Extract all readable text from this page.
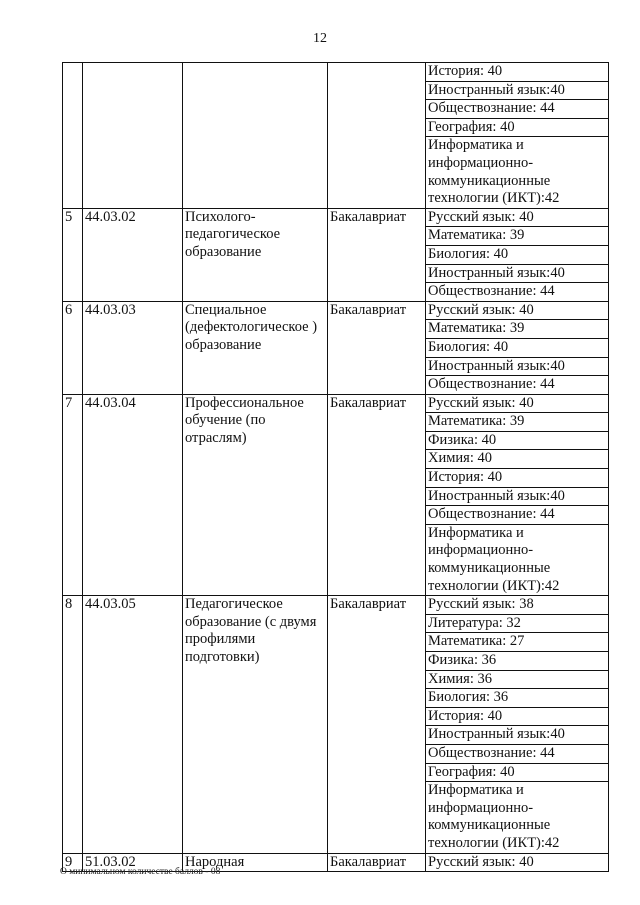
12
				История: 40
				Иностранный язык:40
				Обществознание: 44
				География: 40
				Информатика и информационно-коммуникационные технологии (ИКТ):42
5	44.03.02	Психолого-педагогическое образование	Бакалавриат	Русский язык: 40
				Математика: 39
				Биология: 40
				Иностранный язык:40
				Обществознание: 44
6	44.03.03	Специальное (дефектологическое ) образование	Бакалавриат	Русский язык: 40
				Математика: 39
				Биология: 40
				Иностранный язык:40
				Обществознание: 44
7	44.03.04	Профессиональное обучение (по отраслям)	Бакалавриат	Русский язык: 40
				Математика: 39
				Физика: 40
				Химия: 40
				История: 40
				Иностранный язык:40
				Обществознание: 44
				Информатика и информационно-коммуникационные технологии (ИКТ):42
8	44.03.05	Педагогическое образование (с двумя профилями подготовки)	Бакалавриат	Русский язык: 38
				Литература: 32
				Математика: 27
				Физика: 36
				Химия: 36
				Биология: 36
				История: 40
				Иностранный язык:40
				Обществознание: 44
				География: 40
				Информатика и информационно-коммуникационные технологии (ИКТ):42
9	51.03.02	Народная	Бакалавриат	Русский язык: 40
О минимальном количестве баллов - 08
